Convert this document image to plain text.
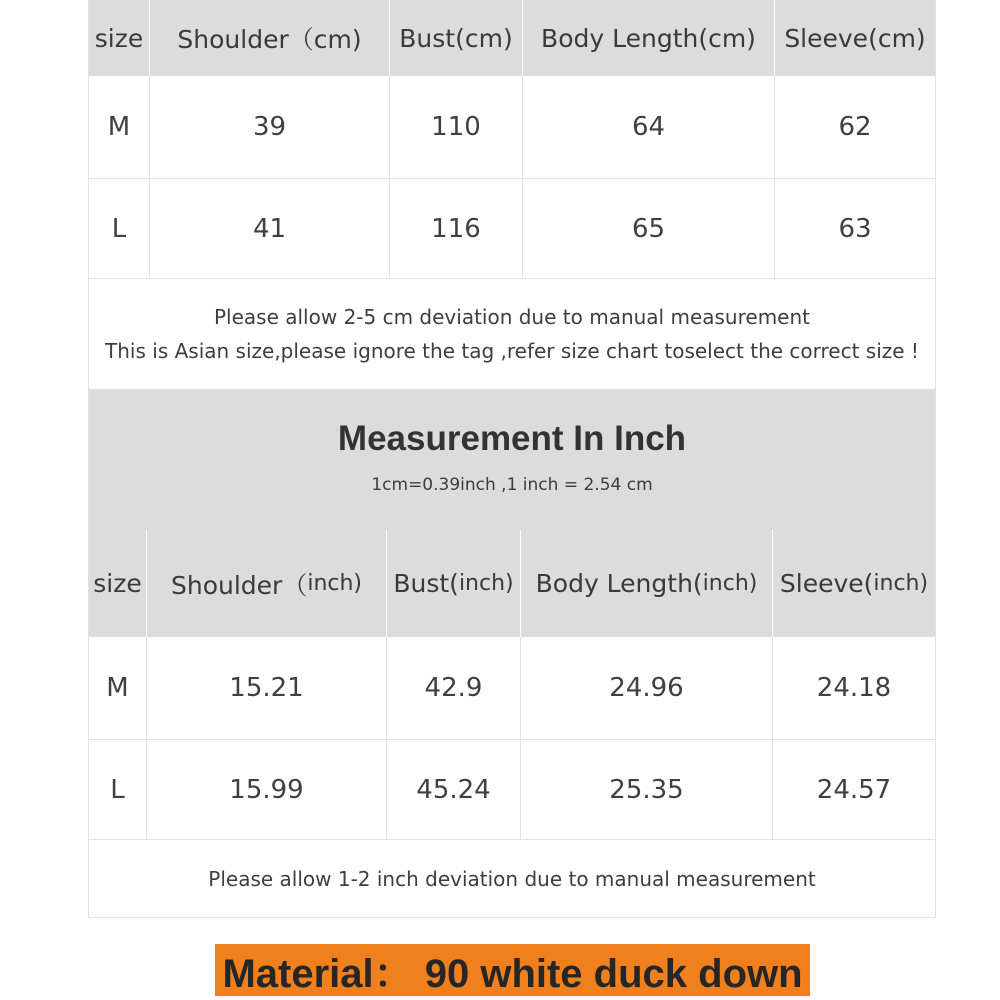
size Shoulder（cm) Bust(cm) Body Length(cm) Sleeve(cm)
M	39	110	64	62
L	41	116	65	63
Please allow 2-5 cm deviation due to manual measurement
This is Asian size,please ignore the tag ,refer size chart toselect the correct size !
Measurement In Inch
1cm=0.39inch ,1 inch = 2.54 cm
size Shoulder（ inch) Bust( inch) Body Length( inch) Sleeve( inch)
M	15.21	42.9	24.96	24.18
L	15.99	45.24	25.35	24.57
Please allow 1-2 inch deviation due to manual measurement
Material： 90 white duck down
